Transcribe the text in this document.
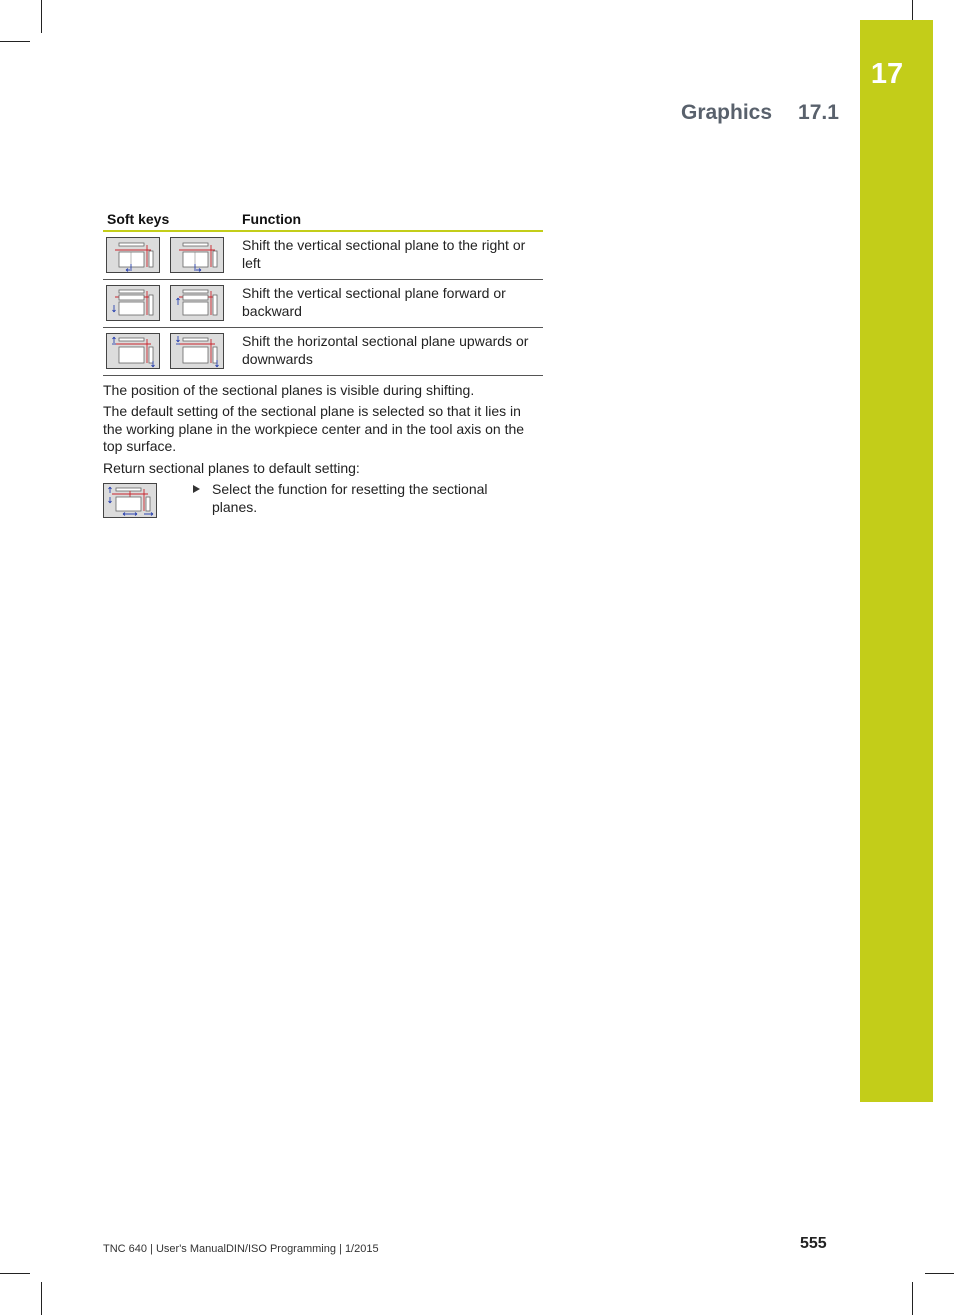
17
Graphics 17.1
Soft keys	Function
	Shift the vertical sectional plane to the right or left
	Shift the vertical sectional plane forward or backward
	Shift the horizontal sectional plane upwards or downwards

The position of the sectional planes is visible during shifting.

The default setting of the sectional plane is selected so that it lies in the working plane in the workpiece center and in the tool axis on the top surface.

Return sectional planes to default setting:

Select the function for resetting the sectional planes.
TNC 640 | User's ManualDIN/ISO Programming | 1/2015	555
